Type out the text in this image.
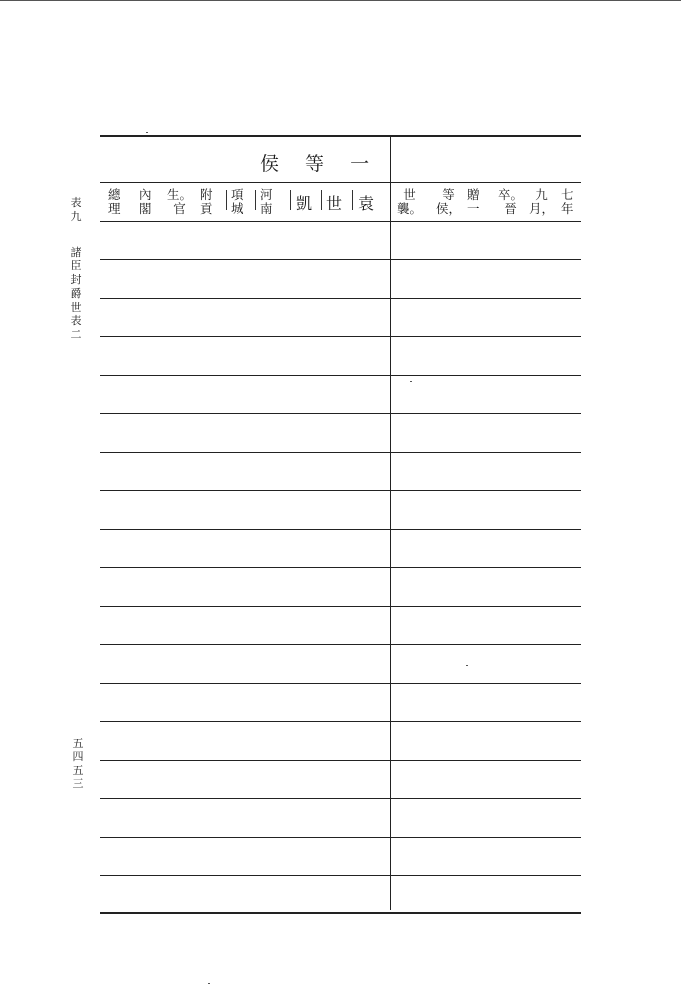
表
九
諸
臣
封
爵
世
表
二
五
四
五
三
侯 等 一
袁
世
凱
河
南
項
城
附
貢
生。
官
內
閣
總
理
七
年
九
月，
卒。
晉
贈
一
等
侯，
世
襲。
